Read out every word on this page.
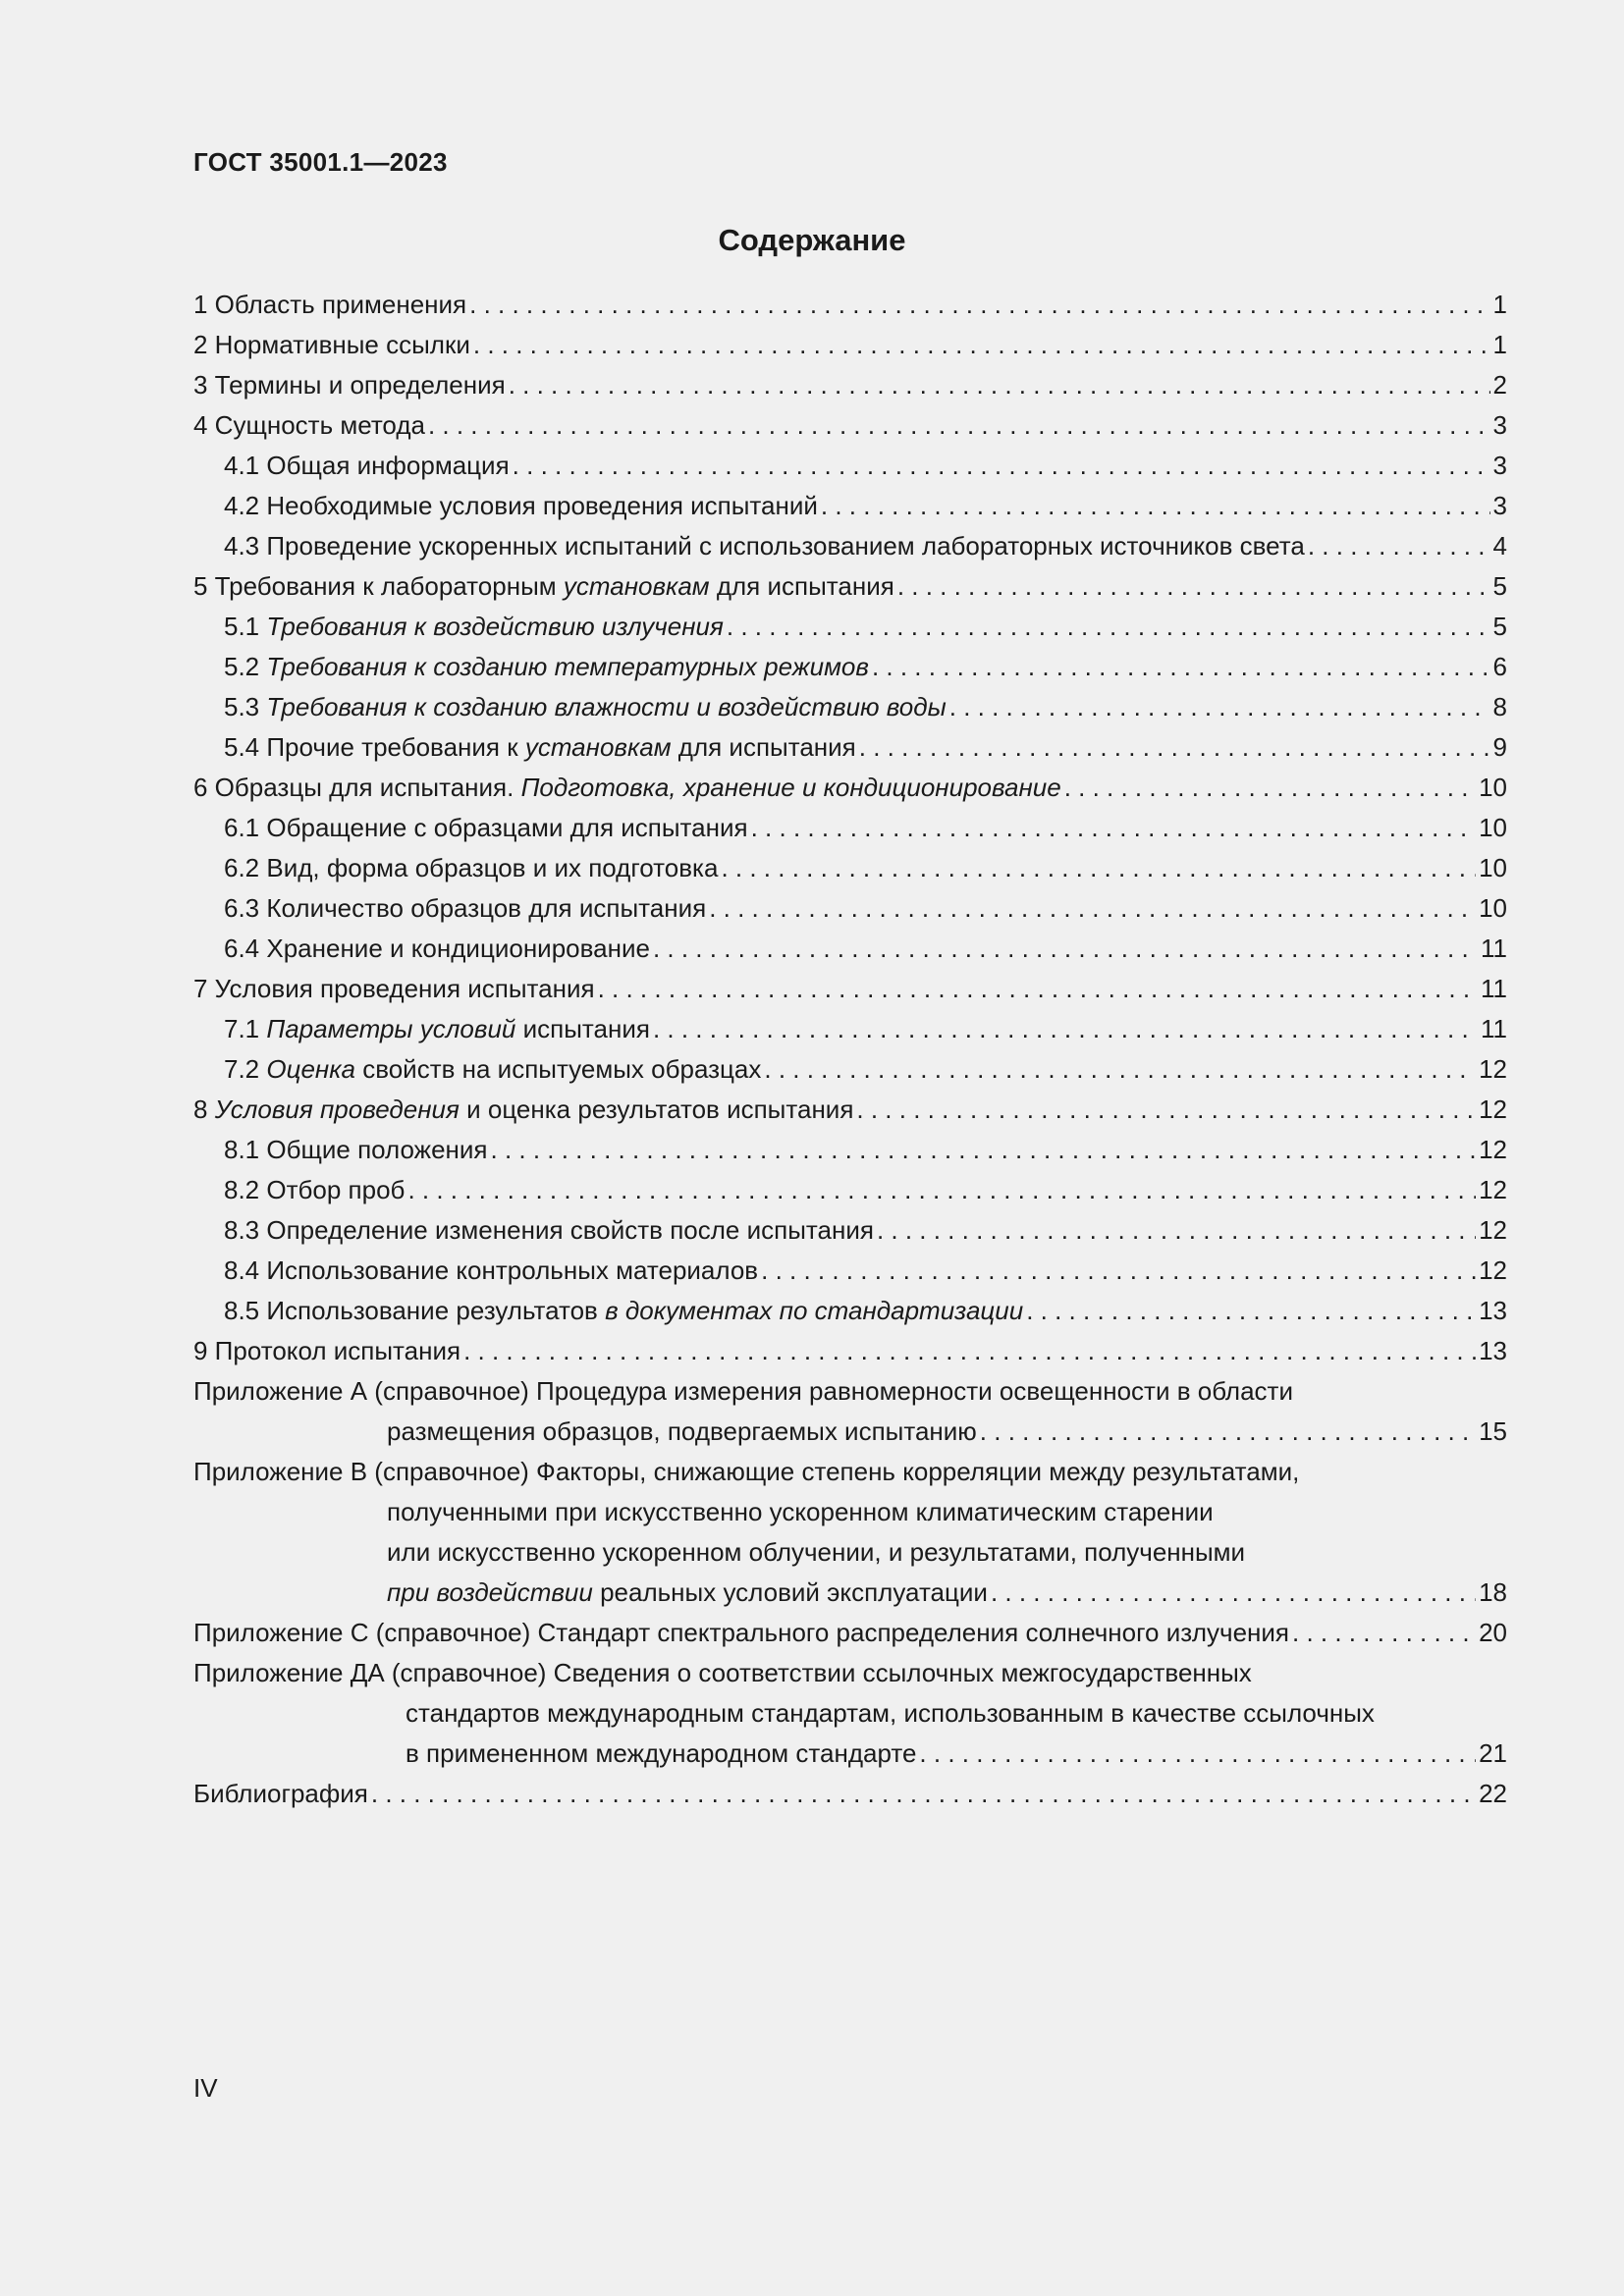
ГОСТ 35001.1—2023
Содержание
1 Область применения . . .	1
2 Нормативные ссылки . . .	1
3 Термины и определения . . .	2
4 Сущность метода . . .	3
4.1 Общая информация . . .	3
4.2 Необходимые условия проведения испытаний . . .	3
4.3 Проведение ускоренных испытаний с использованием лабораторных источников света . . .	4
5 Требования к лабораторным установкам для испытания . . .	5
5.1 Требования к воздействию излучения . . .	5
5.2 Требования к созданию температурных режимов . . .	6
5.3 Требования к созданию влажности и воздействию воды . . .	8
5.4 Прочие требования к установкам для испытания . . .	9
6 Образцы для испытания. Подготовка, хранение и кондиционирование . . .	10
6.1 Обращение с образцами для испытания . . .	10
6.2 Вид, форма образцов и их подготовка . . .	10
6.3 Количество образцов для испытания . . .	10
6.4 Хранение и кондиционирование . . .	11
7 Условия проведения испытания . . .	11
7.1 Параметры условий испытания . . .	11
7.2 Оценка свойств на испытуемых образцах . . .	12
8 Условия проведения и оценка результатов испытания . . .	12
8.1 Общие положения . . .	12
8.2 Отбор проб . . .	12
8.3 Определение изменения свойств после испытания . . .	12
8.4 Использование контрольных материалов . . .	12
8.5 Использование результатов в документах по стандартизации . . .	13
9 Протокол испытания . . .	13
Приложение А (справочное) Процедура измерения равномерности освещенности в области
размещения образцов, подвергаемых испытанию . . .	15
Приложение В (справочное) Факторы, снижающие степень корреляции между результатами,
полученными при искусственно ускоренном климатическим старении
или искусственно ускоренном облучении, и результатами, полученными
при воздействии реальных условий эксплуатации . . .	18
Приложение С (справочное) Стандарт спектрального распределения солнечного излучения . . .	20
Приложение ДА (справочное) Сведения о соответствии ссылочных межгосударственных
стандартов международным стандартам, использованным в качестве ссылочных
в примененном международном стандарте . . .	21
Библиография . . .	22
IV
